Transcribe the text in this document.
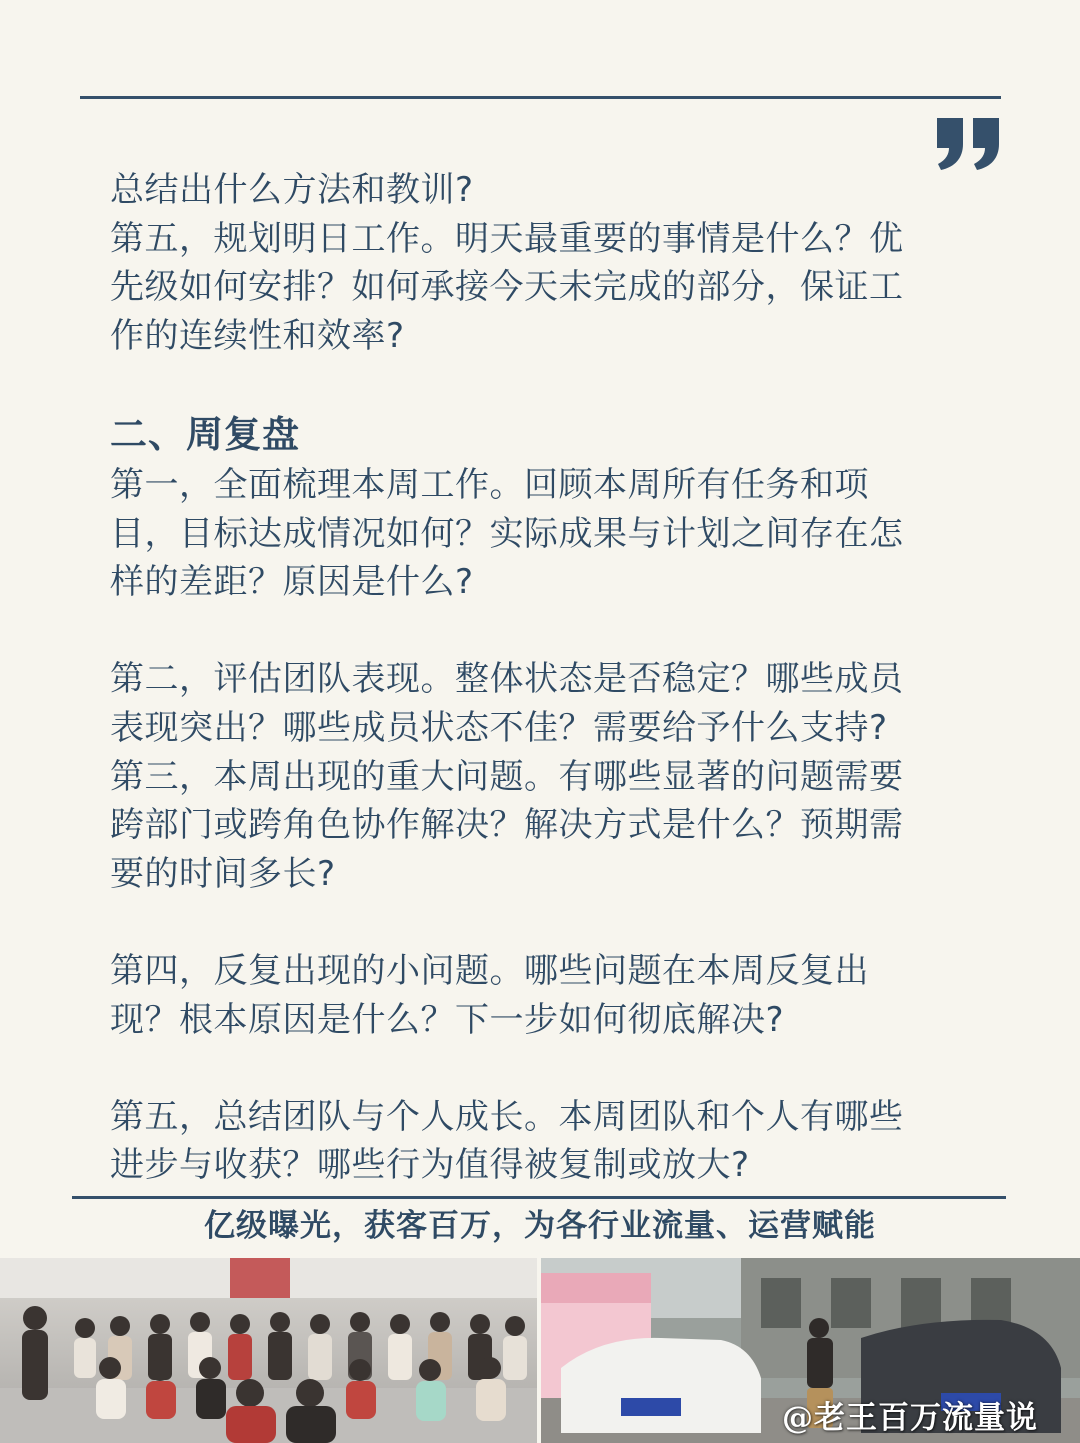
总结出什么方法和教训?
第五，规划明日工作。明天最重要的事情是什么？优
先级如何安排？如何承接今天未完成的部分，保证工
作的连续性和效率?

二、周复盘

第一，全面梳理本周工作。回顾本周所有任务和项
目，目标达成情况如何？实际成果与计划之间存在怎
样的差距？原因是什么?

第二，评估团队表现。整体状态是否稳定？哪些成员
表现突出？哪些成员状态不佳？需要给予什么支持?
第三，本周出现的重大问题。有哪些显著的问题需要
跨部门或跨角色协作解决？解决方式是什么？预期需
要的时间多长?

第四，反复出现的小问题。哪些问题在本周反复出
现？根本原因是什么？下一步如何彻底解决?

第五，总结团队与个人成长。本周团队和个人有哪些
进步与收获？哪些行为值得被复制或放大?

亿级曝光，获客百万，为各行业流量、运营赋能
@老王百万流量说
